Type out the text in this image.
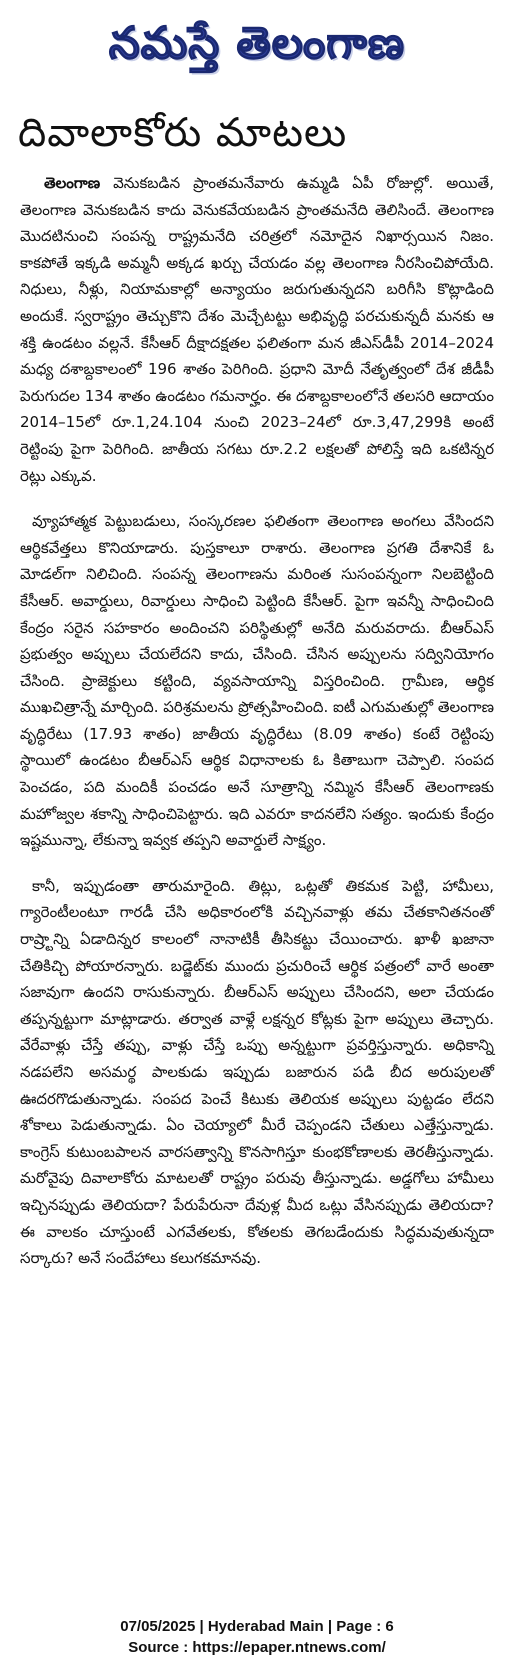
నమస్తే తెలంగాణ
దివాలాకోరు మాటలు

తెలంగాణ వెనుకబడిన ప్రాంతమనేవారు ఉమ్మడి ఏపీ రోజుల్లో. అయితే, తెలంగాణ వెనుకబడిన కాదు వెనుకవేయబడిన ప్రాంతమనేది తెలిసిందే. తెలంగాణ మొదటినుంచి సంపన్న రాష్ట్రమనేది చరిత్రలో నమోదైన నిఖార్సయిన నిజం. కాకపోతే ఇక్కడి అమ్మనీ అక్కడ ఖర్చు చేయడం వల్ల తెలంగాణ నీరసించిపోయేది. నిధులు, నీళ్లు, నియామకాల్లో అన్యాయం జరుగుతున్నదని బరిగీసి కొట్లాడింది అందుకే. స్వరాష్ట్రం తెచ్చుకొని దేశం మెచ్చేటట్టు అభివృద్ధి పరచుకున్నదీ మనకు ఆ శక్తి ఉండటం వల్లనే. కేసీఆర్ దీక్షాదక్షతల ఫలితంగా మన జీఎస్‌డీపీ 2014–2024 మధ్య దశాబ్దకాలంలో 196 శాతం పెరిగింది. ప్రధాని మోదీ నేతృత్వంలో దేశ జీడీపీ పెరుగుదల 134 శాతం ఉండటం గమనార్హం. ఈ దశాబ్దకాలంలోనే తలసరి ఆదాయం 2014–15లో రూ.1,24.104 నుంచి 2023–24లో రూ.3,47,299కి అంటే రెట్టింపు పైగా పెరిగింది. జాతీయ సగటు రూ.2.2 లక్షలతో పోలిస్తే ఇది ఒకటిన్నర రెట్లు ఎక్కువ.

వ్యూహాత్మక పెట్టుబడులు, సంస్కరణల ఫలితంగా తెలంగాణ అంగలు వేసిందని ఆర్థికవేత్తలు కొనియాడారు. పుస్తకాలూ రాశారు. తెలంగాణ ప్రగతి దేశానికే ఓ మోడల్‌గా నిలిచింది. సంపన్న తెలంగాణను మరింత సుసంపన్నంగా నిలబెట్టింది కేసీఆర్. అవార్డులు, రివార్డులు సాధించి పెట్టింది కేసీఆర్. పైగా ఇవన్నీ సాధించింది కేంద్రం సరైన సహకారం అందించని పరిస్థితుల్లో అనేది మరువరాదు. బీఆర్‌ఎస్ ప్రభుత్వం అప్పులు చేయలేదని కాదు, చేసింది. చేసిన అప్పులను సద్వినియోగం చేసింది. ప్రాజెక్టులు కట్టింది, వ్యవసాయాన్ని విస్తరించింది. గ్రామీణ, ఆర్థిక ముఖచిత్రాన్నే మార్చింది. పరిశ్రమలను ప్రోత్సహించింది. ఐటీ ఎగుమతుల్లో తెలంగాణ వృద్ధిరేటు (17.93 శాతం) జాతీయ వృద్ధిరేటు (8.09 శాతం) కంటే రెట్టింపు స్థాయిలో ఉండటం బీఆర్‌ఎస్ ఆర్థిక విధానాలకు ఓ కితాబుగా చెప్పాలి. సంపద పెంచడం, పది మందికీ పంచడం అనే సూత్రాన్ని నమ్మిన కేసీఆర్ తెలంగాణకు మహోజ్వల శకాన్ని సాధించిపెట్టారు. ఇది ఎవరూ కాదనలేని సత్యం. ఇందుకు కేంద్రం ఇష్టమున్నా, లేకున్నా ఇవ్వక తప్పని అవార్డులే సాక్ష్యం.

కానీ, ఇప్పుడంతా తారుమారైంది. తిట్లు, ఒట్లతో తికమక పెట్టి, హామీలు, గ్యారెంటీలంటూ గారడీ చేసి అధికారంలోకి వచ్చినవాళ్లు తమ చేతకానితనంతో రాష్ర్టాన్ని ఏడాదిన్నర కాలంలో నానాటికీ తీసికట్టు చేయించారు. ఖాళీ ఖజానా చేతికిచ్చి పోయారన్నారు. బడ్జెట్‌కు ముందు ప్రచురించే ఆర్థిక పత్రంలో వారే అంతా సజావుగా ఉందని రాసుకున్నారు. బీఆర్‌ఎస్ అప్పులు చేసిందని, అలా చేయడం తప్పన్నట్టుగా మాట్లాడారు. తర్వాత వాళ్లే లక్షన్నర కోట్లకు పైగా అప్పులు తెచ్చారు. వేరేవాళ్లు చేస్తే తప్పు, వాళ్లు చేస్తే ఒప్పు అన్నట్టుగా ప్రవర్తిస్తున్నారు. అధికాన్ని నడపలేని అసమర్థ పాలకుడు ఇప్పుడు బజారున పడి బీద అరుపులతో ఊదరగొడుతున్నాడు. సంపద పెంచే కిటుకు తెలియక అప్పులు పుట్టడం లేదని శోకాలు పెడుతున్నాడు. ఏం చెయ్యాలో మీరే చెప్పండని చేతులు ఎత్తేస్తున్నాడు. కాంగ్రెస్ కుటుంబపాలన వారసత్వాన్ని కొనసాగిస్తూ కుంభకోణాలకు తెరతీస్తున్నాడు. మరోవైపు దివాలాకోరు మాటలతో రాష్ట్రం పరువు తీస్తున్నాడు. అడ్డగోలు హామీలు ఇచ్చినప్పుడు తెలియదా? పేరుపేరునా దేవుళ్ల మీద ఒట్లు వేసినప్పుడు తెలియదా? ఈ వాలకం చూస్తుంటే ఎగవేతలకు, కోతలకు తెగబడేందుకు సిద్ధమవుతున్నదా సర్కారు? అనే సందేహాలు కలుగకమానవు.

07/05/2025 | Hyderabad Main | Page : 6
Source : https://epaper.ntnews.com/
